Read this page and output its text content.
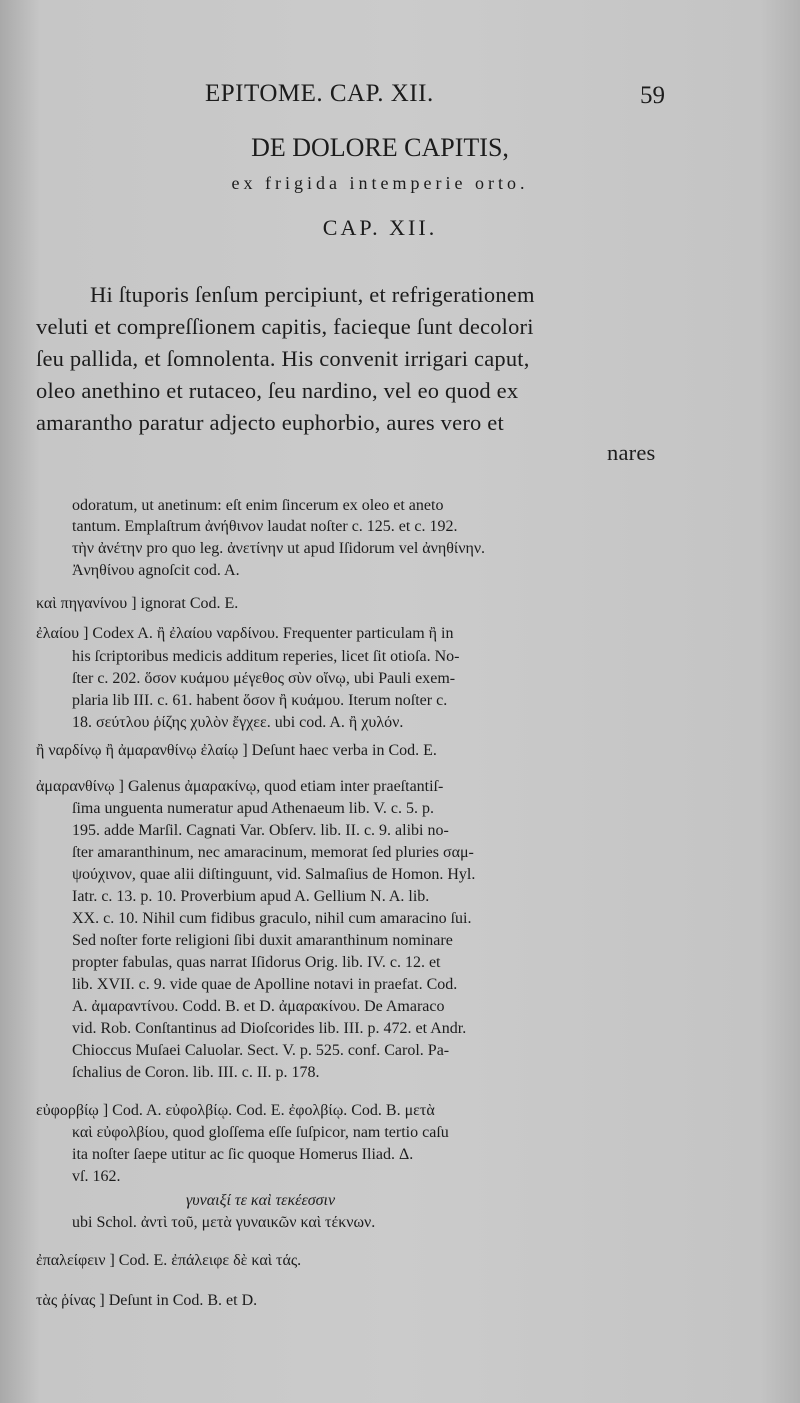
EPITOME. CAP. XII.	59
DE DOLORE CAPITIS,
ex frigida intemperie orto.
CAP. XII.
Hi ſtuporis ſenſum percipiunt, et refrigerationem
veluti et compreſſionem capitis, facieque ſunt decolori
ſeu pallida, et ſomnolenta. His convenit irrigari caput,
oleo anethino et rutaceo, ſeu nardino, vel eo quod ex
amarantho paratur adjecto euphorbio, aures vero et
nares
odoratum, ut anetinum: eſt enim ſincerum ex oleo et aneto
tantum. Emplaſtrum ἀνήθινον laudat noſter c. 125. et c. 192.
τὴν ἀνέτην pro quo leg. ἀνετίνην ut apud Iſidorum vel ἀνηθίνην.
Ἀνηθίνου agnoſcit cod. A.
καὶ πηγανίνου ] ignorat Cod. E.
ἐλαίου ] Codex A. ἢ ἐλαίου ναρδίνου. Frequenter particulam ἢ in
his ſcriptoribus medicis additum reperies, licet ſit otioſa. No-
ſter c. 202. ὅσον κυάμου μέγεθος σὺν οἴνῳ, ubi Pauli exem-
plaria lib III. c. 61. habent ὅσον ἢ κυάμου. Iterum noſter c.
18. σεύτλου ῥίζης χυλὸν ἔγχεε. ubi cod. A. ἢ χυλόν.
ἢ ναρδίνῳ ἢ ἀμαρανθίνῳ ἐλαίῳ ] Deſunt haec verba in Cod. E.
ἀμαρανθίνῳ ] Galenus ἀμαρακίνῳ, quod etiam inter praeſtantiſ-
ſima unguenta numeratur apud Athenaeum lib. V. c. 5. p.
195. adde Marſil. Cagnati Var. Obſerv. lib. II. c. 9. alibi no-
ſter amaranthinum, nec amaracinum, memorat ſed pluries σαμ-
ψούχινον, quae alii diſtinguunt, vid. Salmaſius de Homon. Hyl.
Iatr. c. 13. p. 10. Proverbium apud A. Gellium N. A. lib.
XX. c. 10. Nihil cum fidibus graculo, nihil cum amaracino ſui.
Sed noſter forte religioni ſibi duxit amaranthinum nominare
propter fabulas, quas narrat Iſidorus Orig. lib. IV. c. 12. et
lib. XVII. c. 9. vide quae de Apolline notavi in praefat. Cod.
A. ἀμαραντίνου. Codd. B. et D. ἀμαρακίνου. De Amaraco
vid. Rob. Conſtantinus ad Dioſcorides lib. III. p. 472. et Andr.
Chioccus Muſaei Caluolar. Sect. V. p. 525. conf. Carol. Pa-
ſchalius de Coron. lib. III. c. II. p. 178.
εὐφορβίῳ ] Cod. A. εὐφολβίῳ. Cod. E. ἐφολβίῳ. Cod. B. μετὰ
καὶ εὐφολβίου, quod gloſſema eſſe ſuſpicor, nam tertio caſu
ita noſter ſaepe utitur ac ſic quoque Homerus Iliad. Δ.
vſ. 162.
γυναιξί τε καὶ τεκέεσσιν
ubi Schol. ἀντὶ τοῦ, μετὰ γυναικῶν καὶ τέκνων.
ἐπαλείφειν ] Cod. E. ἐπάλειφε δὲ καὶ τάς.
τὰς ῥίνας ] Deſunt in Cod. B. et D.
